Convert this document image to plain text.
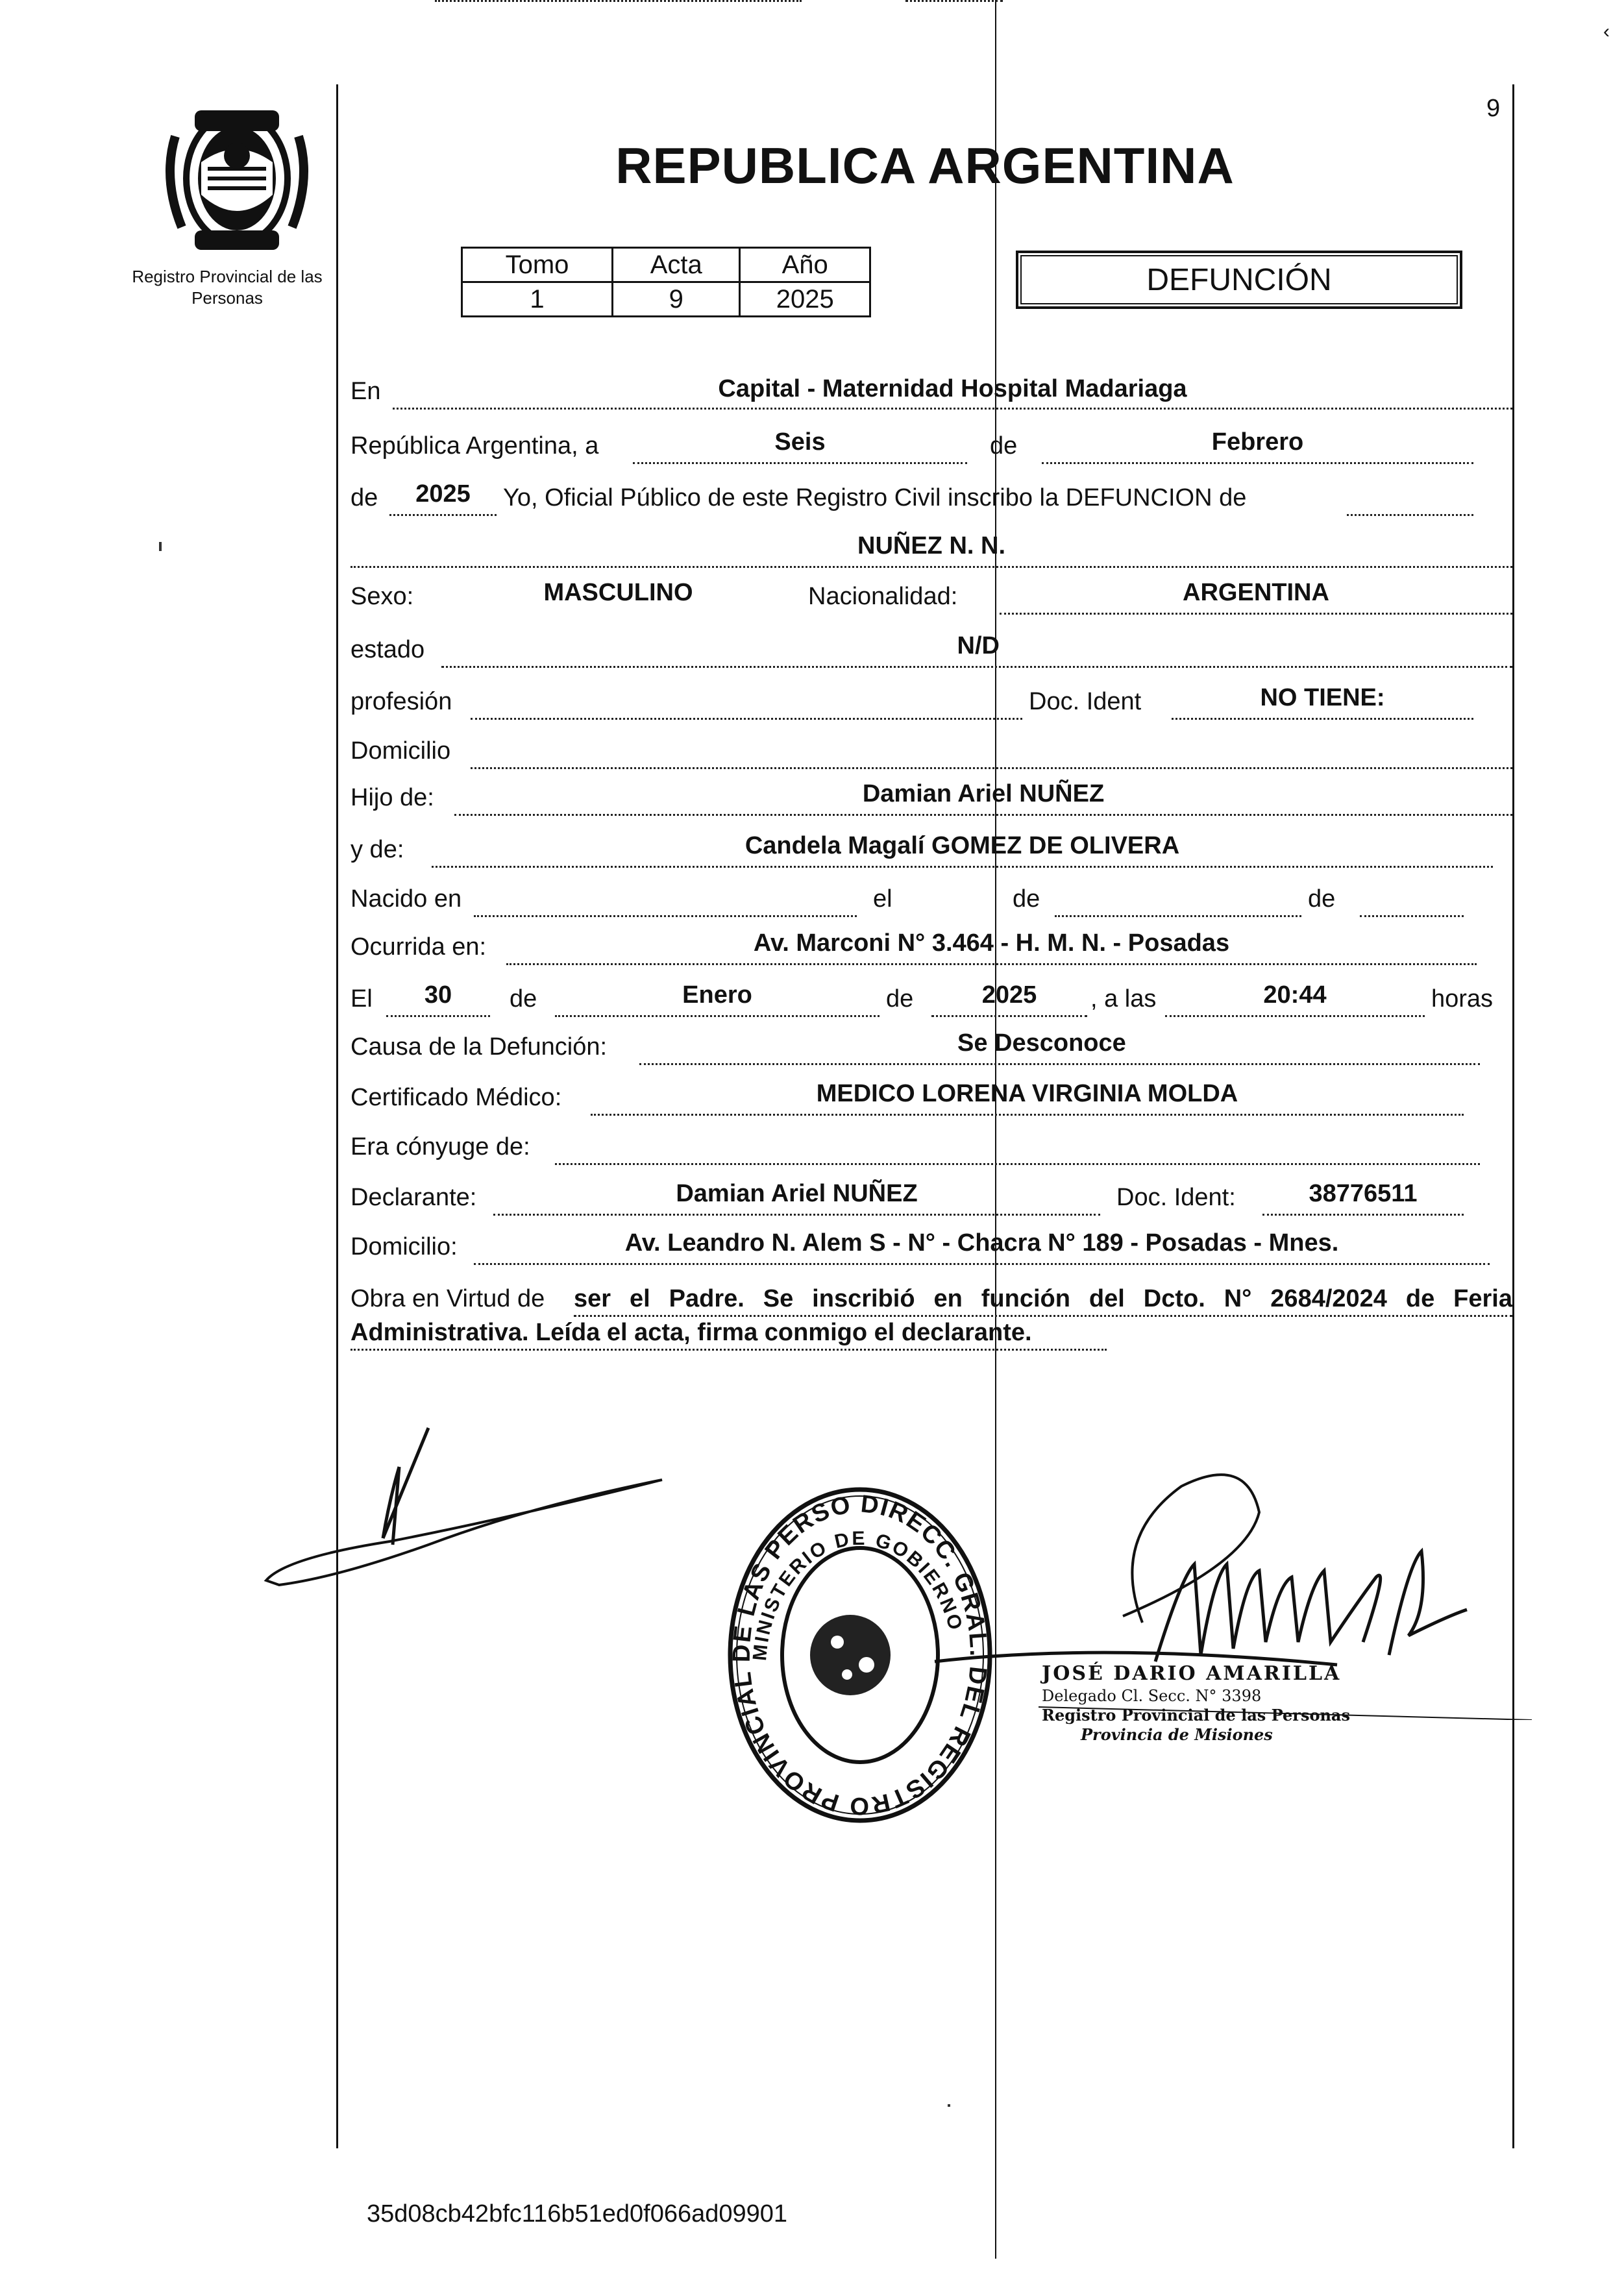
9
‹
Registro Provincial de las Personas
REPUBLICA ARGENTINA
Tomo	Acta	Año
1	9	2025
DEFUNCIÓN
En	Capital - Maternidad Hospital Madariaga
República Argentina, a	Seis	de	Febrero
de	2025	Yo, Oficial Público de este Registro Civil inscribo la DEFUNCION de
NUÑEZ N. N.
Sexo:	MASCULINO	Nacionalidad:	ARGENTINA
estado	N/D
profesión	Doc. Ident	NO TIENE:
Domicilio
Hijo de:	Damian Ariel NUÑEZ
y de:	Candela Magalí GOMEZ DE OLIVERA
Nacido en	el	de	de
Ocurrida en:	Av. Marconi N° 3.464 - H. M. N. - Posadas
El	30	de	Enero	de	2025	, a las	20:44	horas
Causa de la Defunción:	Se Desconoce
Certificado Médico:	MEDICO LORENA VIRGINIA MOLDA
Era cónyuge de:
Declarante:	Damian Ariel NUÑEZ	Doc. Ident:	38776511
Domicilio:	Av. Leandro N. Alem S - N° - Chacra N° 189 - Posadas - Mnes.
Obra en Virtud de ser el Padre. Se inscribió en función del Dcto. N° 2684/2024 de Feria
Administrativa. Leída el acta, firma conmigo el declarante.
DIRECC. GRAL. DEL REGISTRO PROVINCIAL DE LAS PERSO
MINISTERIO DE GOBIERNO
JOSÉ DARIO AMARILLA
Delegado Cl. Secc. N° 3398
Registro Provincial de las Personas
Provincia de Misiones
35d08cb42bfc116b51ed0f066ad09901
